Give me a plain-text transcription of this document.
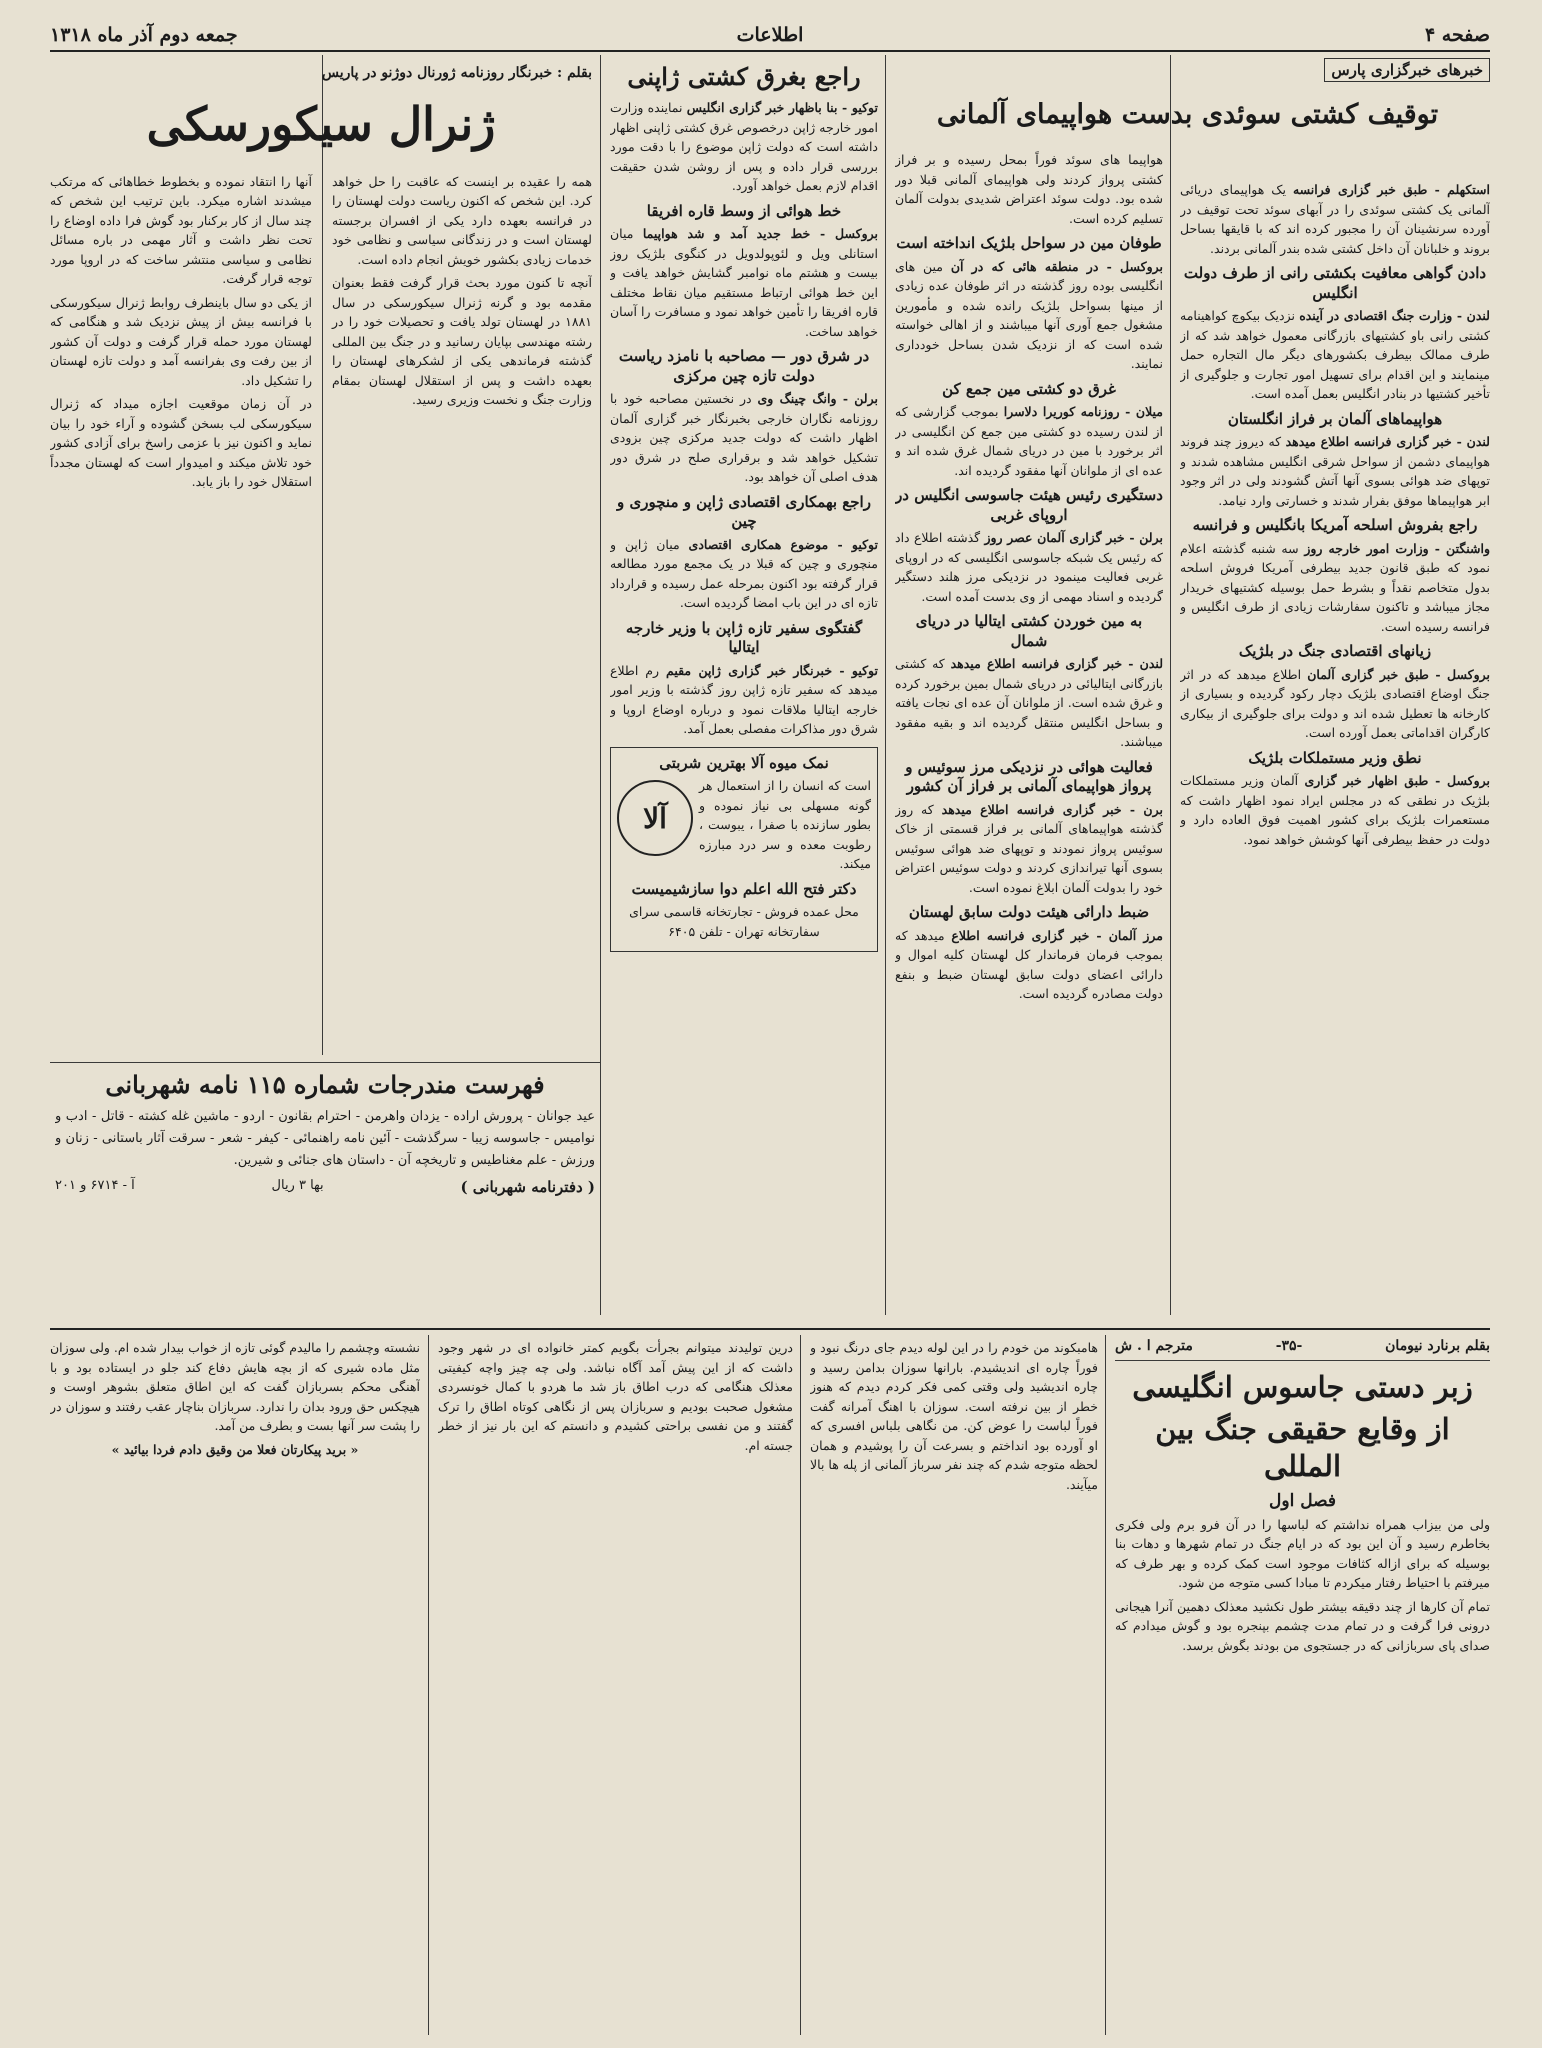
صفحه ۴
اطلاعات
جمعه دوم آذر ماه ۱۳۱۸
خبرهای خبرگزاری پارس

استکهلم - طبق خبر گزاری فرانسه یک هواپیمای دریائی آلمانی یک کشتی سوئدی را در آبهای سوئد تحت توقیف در آورده سرنشینان آن را مجبور کرده اند که با قایقها بساحل بروند و خلبانان آن داخل کشتی شده بندر آلمانی بردند.

دادن گواهی معافیت بکشتی رانی از طرف دولت انگلیس

لندن - وزارت جنگ اقتصادی در آینده نزدیک بیکوچ کواهینامه کشتی رانی باو کشتیهای بازرگانی معمول خواهد شد که از طرف ممالک بیطرف بکشورهای دیگر مال التجاره حمل مینمایند و این اقدام برای تسهیل امور تجارت و جلوگیری از تأخیر کشتیها در بنادر انگلیس بعمل آمده است.

هواپیماهای آلمان بر فراز انگلستان

لندن - خبر گزاری فرانسه اطلاع میدهد که دیروز چند فروند هواپیمای دشمن از سواحل شرقی انگلیس مشاهده شدند و توپهای ضد هوائی بسوی آنها آتش گشودند ولی در اثر وجود ابر هواپیماها موفق بفرار شدند و خسارتی وارد نیامد.

راجع بفروش اسلحه آمریکا بانگلیس و فرانسه

واشنگتن - وزارت امور خارجه روز سه شنبه گذشته اعلام نمود که طبق قانون جدید بیطرفی آمریکا فروش اسلحه بدول متخاصم نقداً و بشرط حمل بوسیله کشتیهای خریدار مجاز میباشد و تاکنون سفارشات زیادی از طرف انگلیس و فرانسه رسیده است.

زیانهای اقتصادی جنگ در بلژیک

بروکسل - طبق خبر گزاری آلمان اطلاع میدهد که در اثر جنگ اوضاع اقتصادی بلژیک دچار رکود گردیده و بسیاری از کارخانه ها تعطیل شده اند و دولت برای جلوگیری از بیکاری کارگران اقداماتی بعمل آورده است.

نطق وزیر مستملکات بلژیک

بروکسل - طبق اظهار خبر گزاری آلمان وزیر مستملکات بلژیک در نطقی که در مجلس ایراد نمود اظهار داشت که مستعمرات بلژیک برای کشور اهمیت فوق العاده دارد و دولت در حفظ بیطرفی آنها کوشش خواهد نمود.

توقیف کشتی سوئدی بدست هواپیمای آلمانی

هواپیما های سوئد فوراً بمحل رسیده و بر فراز کشتی پرواز کردند ولی هواپیمای آلمانی قبلا دور شده بود. دولت سوئد اعتراض شدیدی بدولت آلمان تسلیم کرده است.

طوفان مین در سواحل بلژیک انداخته است

بروکسل - در منطقه هائی که در آن مین های انگلیسی بوده روز گذشته در اثر طوفان عده زیادی از مینها بسواحل بلژیک رانده شده و مأمورین مشغول جمع آوری آنها میباشند و از اهالی خواسته شده است که از نزدیک شدن بساحل خودداری نمایند.

غرق دو کشتی مین جمع کن

میلان - روزنامه کوریرا دلاسرا بموجب گزارشی که از لندن رسیده دو کشتی مین جمع کن انگلیسی در اثر برخورد با مین در دریای شمال غرق شده اند و عده ای از ملوانان آنها مفقود گردیده اند.

دستگیری رئیس هیئت جاسوسی انگلیس در اروپای غربی

برلن - خبر گزاری آلمان عصر روز گذشته اطلاع داد که رئیس یک شبکه جاسوسی انگلیسی که در اروپای غربی فعالیت مینمود در نزدیکی مرز هلند دستگیر گردیده و اسناد مهمی از وی بدست آمده است.

به مین خوردن کشتی ایتالیا در دریای شمال

لندن - خبر گزاری فرانسه اطلاع میدهد که کشتی بازرگانی ایتالیائی در دریای شمال بمین برخورد کرده و غرق شده است. از ملوانان آن عده ای نجات یافته و بساحل انگلیس منتقل گردیده اند و بقیه مفقود میباشند.

فعالیت هوائی در نزدیکی مرز سوئیس و پرواز هواپیمای آلمانی بر فراز آن کشور

برن - خبر گزاری فرانسه اطلاع میدهد که روز گذشته هواپیماهای آلمانی بر فراز قسمتی از خاک سوئیس پرواز نمودند و توپهای ضد هوائی سوئیس بسوی آنها تیراندازی کردند و دولت سوئیس اعتراض خود را بدولت آلمان ابلاغ نموده است.

ضبط دارائی هیئت دولت سابق لهستان

مرز آلمان - خبر گزاری فرانسه اطلاع میدهد که بموجب فرمان فرماندار کل لهستان کلیه اموال و دارائی اعضای دولت سابق لهستان ضبط و بنفع دولت مصادره گردیده است.

راجع بغرق کشتی ژاپنی

توکیو - بنا باظهار خبر گزاری انگلیس نماینده وزارت امور خارجه ژاپن درخصوص غرق کشتی ژاپنی اظهار داشته است که دولت ژاپن موضوع را با دقت مورد بررسی قرار داده و پس از روشن شدن حقیقت اقدام لازم بعمل خواهد آورد.

خط هوائی از وسط قاره افریقا

بروکسل - خط جدید آمد و شد هواپیما میان استانلی ویل و لئوپولدویل در کنگوی بلژیک روز بیست و هشتم ماه نوامبر گشایش خواهد یافت و این خط هوائی ارتباط مستقیم میان نقاط مختلف قاره افریقا را تأمین خواهد نمود و مسافرت را آسان خواهد ساخت.

در شرق دور — مصاحبه با نامزد ریاست دولت تازه چین مرکزی

برلن - وانگ چینگ وی در نخستین مصاحبه خود با روزنامه نگاران خارجی بخبرنگار خبر گزاری آلمان اظهار داشت که دولت جدید مرکزی چین بزودی تشکیل خواهد شد و برقراری صلح در شرق دور هدف اصلی آن خواهد بود.

راجع بهمکاری اقتصادی ژاپن و منچوری و چین

توکیو - موضوع همکاری اقتصادی میان ژاپن و منچوری و چین که قبلا در یک مجمع مورد مطالعه قرار گرفته بود اکنون بمرحله عمل رسیده و قرارداد تازه ای در این باب امضا گردیده است.

گفتگوی سفیر تازه ژاپن با وزیر خارجه ایتالیا

توکیو - خبرنگار خبر گزاری ژاپن مقیم رم اطلاع میدهد که سفیر تازه ژاپن روز گذشته با وزیر امور خارجه ایتالیا ملاقات نمود و درباره اوضاع اروپا و شرق دور مذاکرات مفصلی بعمل آمد.

نمک میوه آلا بهترین شربتی
آلا

است که انسان را از استعمال هر گونه مسهلی بی نیاز نموده و بطور سازنده با صفرا ، یبوست ، رطوبت معده و سر درد مبارزه میکند.

دکتر فتح الله اعلم دوا سازشیمیست

محل عمده فروش - تجارتخانه قاسمی سرای سفارتخانه تهران - تلفن ۶۴۰۵

بقلم : خبرنگار روزنامه ژورنال دوژنو در پاریس
ژنرال سیکورسکی

همه را عقیده بر اینست که عاقبت را حل خواهد کرد. این شخص که اکنون ریاست دولت لهستان را در فرانسه بعهده دارد یکی از افسران برجسته لهستان است و در زندگانی سیاسی و نظامی خود خدمات زیادی بکشور خویش انجام داده است.

آنچه تا کنون مورد بحث قرار گرفت فقط بعنوان مقدمه بود و گرنه ژنرال سیکورسکی در سال ۱۸۸۱ در لهستان تولد یافت و تحصیلات خود را در رشته مهندسی بپایان رسانید و در جنگ بین المللی گذشته فرماندهی یکی از لشکرهای لهستان را بعهده داشت و پس از استقلال لهستان بمقام وزارت جنگ و نخست وزیری رسید.

آنها را انتقاد نموده و بخطوط خطاهائی که مرتکب میشدند اشاره میکرد. باین ترتیب این شخص که چند سال از کار برکنار بود گوش فرا داده اوضاع را تحت نظر داشت و آثار مهمی در باره مسائل نظامی و سیاسی منتشر ساخت که در اروپا مورد توجه قرار گرفت.

از یکی دو سال باینطرف روابط ژنرال سیکورسکی با فرانسه بیش از پیش نزدیک شد و هنگامی که لهستان مورد حمله قرار گرفت و دولت آن کشور از بین رفت وی بفرانسه آمد و دولت تازه لهستان را تشکیل داد.

در آن زمان موقعیت اجازه میداد که ژنرال سیکورسکی لب بسخن گشوده و آراء خود را بیان نماید و اکنون نیز با عزمی راسخ برای آزادی کشور خود تلاش میکند و امیدوار است که لهستان مجدداً استقلال خود را باز یابد.

فهرست مندرجات شماره ۱۱۵ نامه شهربانی

عید جوانان - پرورش اراده - یزدان واهرمن - احترام بقانون - اردو - ماشین غله کشته - قاتل - ادب و نوامیس - جاسوسه زیبا - سرگذشت - آئین نامه راهنمائی - کیفر - شعر - سرقت آثار باستانی - زنان و ورزش - علم مغناطیس و تاریخچه آن - داستان های جنائی و شیرین.

( دفترنامه شهربانی )
بها ۳ ریال
آ - ۶۷۱۴ و ۲۰۱
بقلم برنارد نیومان
-۳۵-
مترجم ا . ش
زبر دستی جاسوس انگلیسی
از وقایع حقیقی جنگ بین المللی
فصل اول

ولی من بیزاب همراه نداشتم که لباسها را در آن فرو برم ولی فکری بخاطرم رسید و آن این بود که در ایام جنگ در تمام شهرها و دهات بنا بوسیله که برای ازاله کثافات موجود است کمک کرده و بهر طرف که میرفتم با احتیاط رفتار میکردم تا مبادا کسی متوجه من شود.

تمام آن کارها از چند دقیقه بیشتر طول نکشید معذلک دهمین آنرا هیجانی درونی فرا گرفت و در تمام مدت چشمم بپنجره بود و گوش میدادم که صدای پای سربازانی که در جستجوی من بودند بگوش برسد.

هامبکوند من خودم را در این لوله دیدم جای درنگ نبود و فوراً چاره ای اندیشیدم. بارانها سوزان بدامن رسید و چاره اندیشید ولی وقتی کمی فکر کردم دیدم که هنوز خطر از بین نرفته است. سوزان با اهنگ آمرانه گفت فوراً لباست را عوض کن. من نگاهی بلباس افسری که او آورده بود انداختم و بسرعت آن را پوشیدم و همان لحظه متوجه شدم که چند نفر سرباز آلمانی از پله ها بالا میآیند.

درین تولیدند میتوانم بجرأت بگویم کمتر خانواده ای در شهر وجود داشت که از این پیش آمد آگاه نباشد. ولی چه چیز واچه کیفیتی معذلک هنگامی که درب اطاق باز شد ما هردو با کمال خونسردی مشغول صحبت بودیم و سربازان پس از نگاهی کوتاه اطاق را ترک گفتند و من نفسی براحتی کشیدم و دانستم که این بار نیز از خطر جسته ام.

نشسته وچشمم را مالیدم گوئی تازه از خواب بیدار شده ام. ولی سوزان مثل ماده شیری که از بچه هایش دفاع کند جلو در ایستاده بود و با آهنگی محکم بسربازان گفت که این اطاق متعلق بشوهر اوست و هیچکس حق ورود بدان را ندارد. سربازان بناچار عقب رفتند و سوزان در را پشت سر آنها بست و بطرف من آمد.

« برید پیکارتان فعلا من وقیق دادم فردا بیائید »
